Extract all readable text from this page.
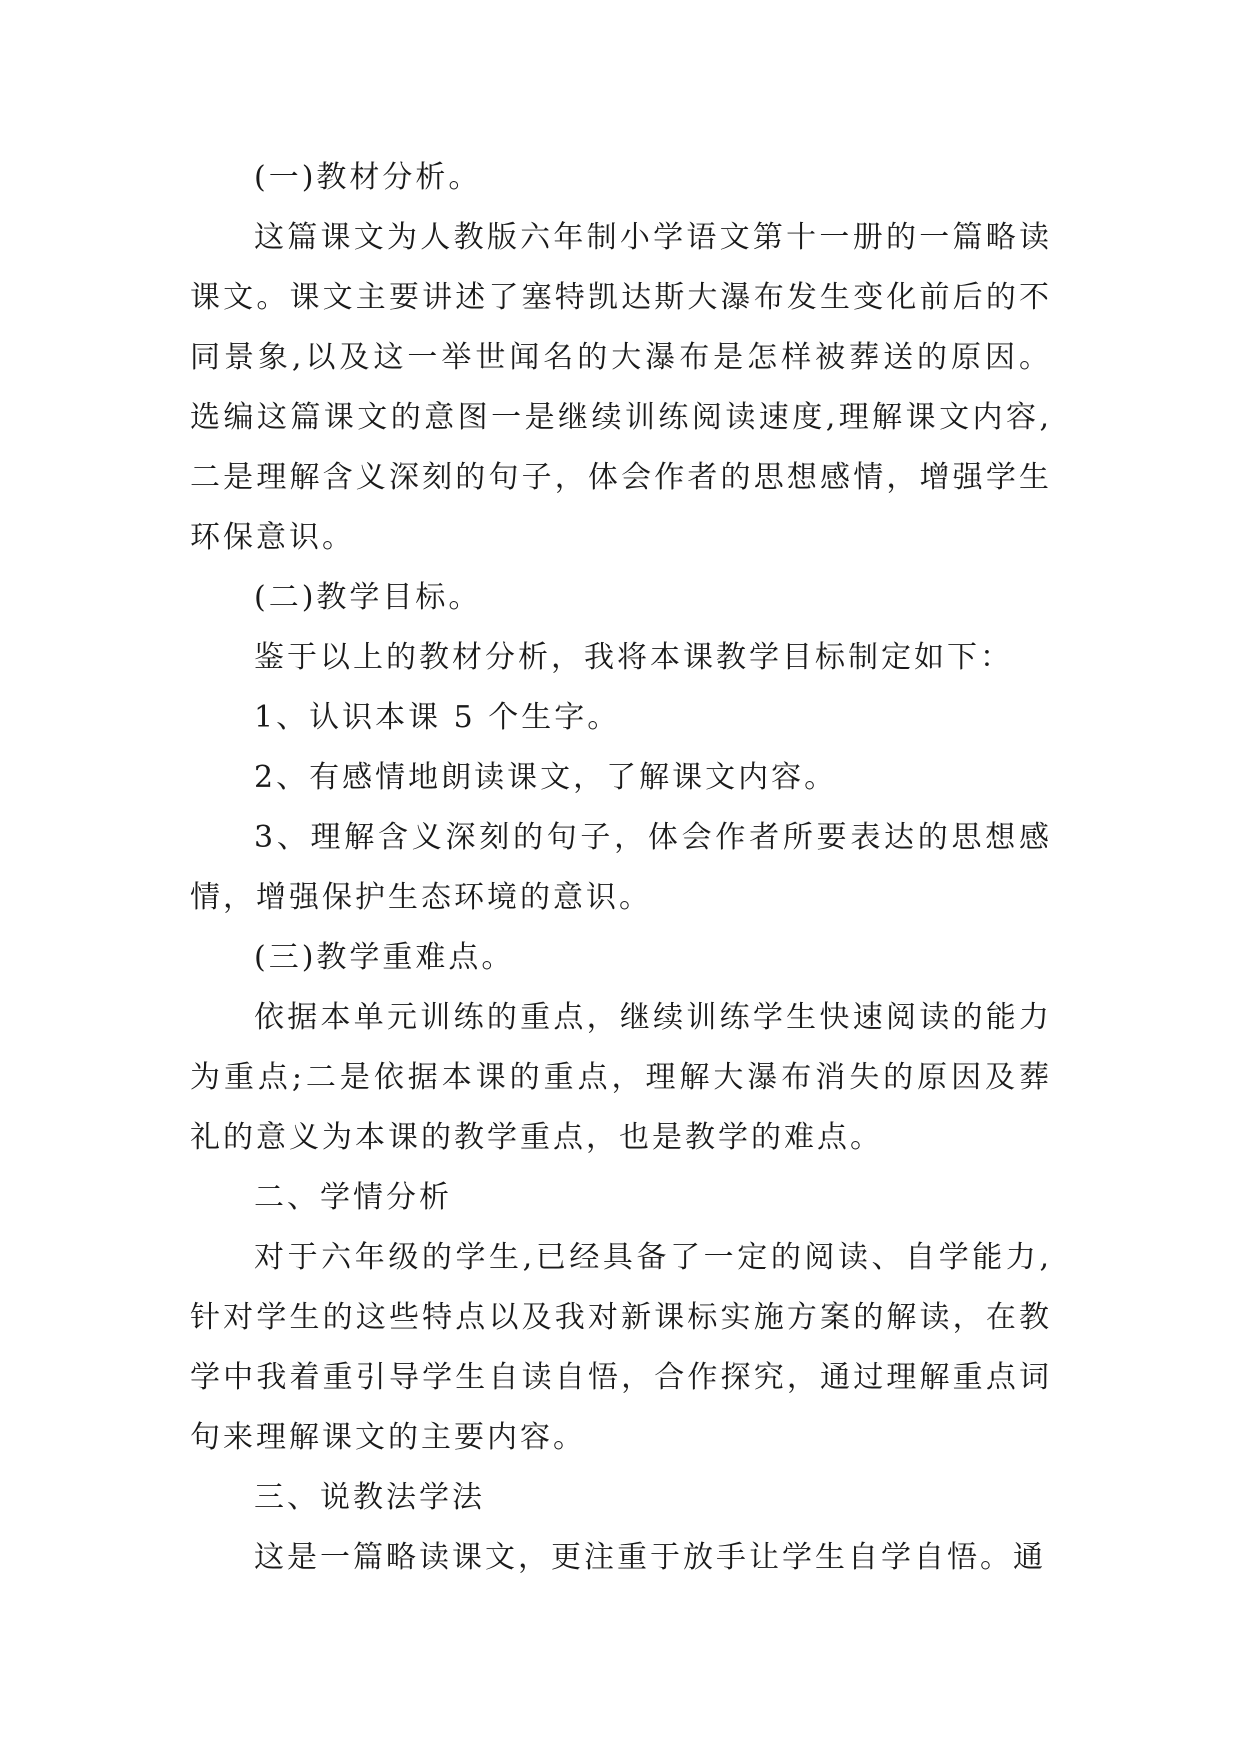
(一)教材分析。

这篇课文为人教版六年制小学语文第十一册的一篇略读课文。课文主要讲述了塞特凯达斯大瀑布发生变化前后的不同景象,以及这一举世闻名的大瀑布是怎样被葬送的原因。选编这篇课文的意图一是继续训练阅读速度,理解课文内容,二是理解含义深刻的句子，体会作者的思想感情，增强学生环保意识。

(二)教学目标。

鉴于以上的教材分析，我将本课教学目标制定如下：

1、认识本课 5 个生字。

2、有感情地朗读课文，了解课文内容。

3、理解含义深刻的句子，体会作者所要表达的思想感情，增强保护生态环境的意识。

(三)教学重难点。

依据本单元训练的重点，继续训练学生快速阅读的能力为重点;二是依据本课的重点，理解大瀑布消失的原因及葬礼的意义为本课的教学重点，也是教学的难点。

二、学情分析

对于六年级的学生,已经具备了一定的阅读、自学能力,针对学生的这些特点以及我对新课标实施方案的解读，在教学中我着重引导学生自读自悟，合作探究，通过理解重点词句来理解课文的主要内容。

三、说教法学法

这是一篇略读课文，更注重于放手让学生自学自悟。通
